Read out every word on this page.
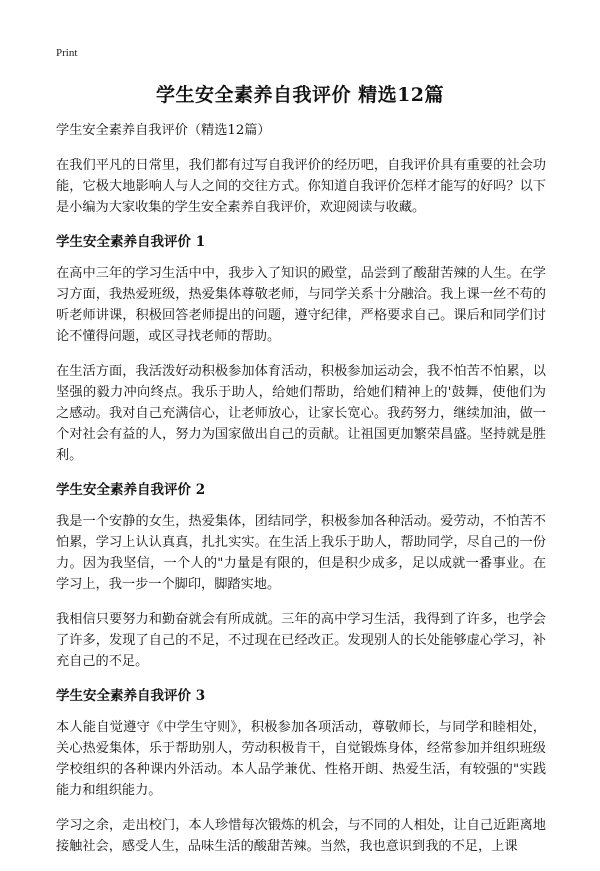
Print
学生安全素养自我评价 精选12篇

学生安全素养自我评价（精选12篇）

在我们平凡的日常里，我们都有过写自我评价的经历吧，自我评价具有重要的社会功能，它极大地影响人与人之间的交往方式。你知道自我评价怎样才能写的好吗？以下是小编为大家收集的学生安全素养自我评价，欢迎阅读与收藏。

学生安全素养自我评价 1

在高中三年的学习生活中中，我步入了知识的殿堂，品尝到了酸甜苦辣的人生。在学习方面，我热爱班级，热爱集体尊敬老师，与同学关系十分融洽。我上课一丝不苟的听老师讲课，积极回答老师提出的问题，遵守纪律，严格要求自己。课后和同学们讨论不懂得问题，或区寻找老师的帮助。

在生活方面，我活泼好动积极参加体育活动，积极参加运动会，我不怕苦不怕累，以坚强的毅力冲向终点。我乐于助人，给她们帮助，给她们精神上的'鼓舞，使他们为之感动。我对自己充满信心，让老师放心，让家长宽心。我药努力，继续加油，做一个对社会有益的人，努力为国家做出自己的贡献。让祖国更加繁荣昌盛。坚持就是胜利。

学生安全素养自我评价 2

我是一个安静的女生，热爱集体，团结同学，积极参加各种活动。爱劳动，不怕苦不怕累，学习上认认真真，扎扎实实。在生活上我乐于助人，帮助同学，尽自己的一份力。因为我坚信，一个人的"力量是有限的，但是积少成多，足以成就一番事业。在学习上，我一步一个脚印，脚踏实地。

我相信只要努力和勤奋就会有所成就。三年的高中学习生活，我得到了许多，也学会了许多，发现了自己的不足，不过现在已经改正。发现别人的长处能够虚心学习，补充自己的不足。

学生安全素养自我评价 3

本人能自觉遵守《中学生守则》，积极参加各项活动，尊敬师长，与同学和睦相处，关心热爱集体，乐于帮助别人，劳动积极肯干，自觉锻炼身体，经常参加并组织班级学校组织的各种课内外活动。本人品学兼优、性格开朗、热爱生活，有较强的"实践能力和组织能力。

学习之余，走出校门，本人珍惜每次锻炼的机会，与不同的人相处，让自己近距离地接触社会，感受人生，品味生活的酸甜苦辣。当然，我也意识到我的不足，上课
